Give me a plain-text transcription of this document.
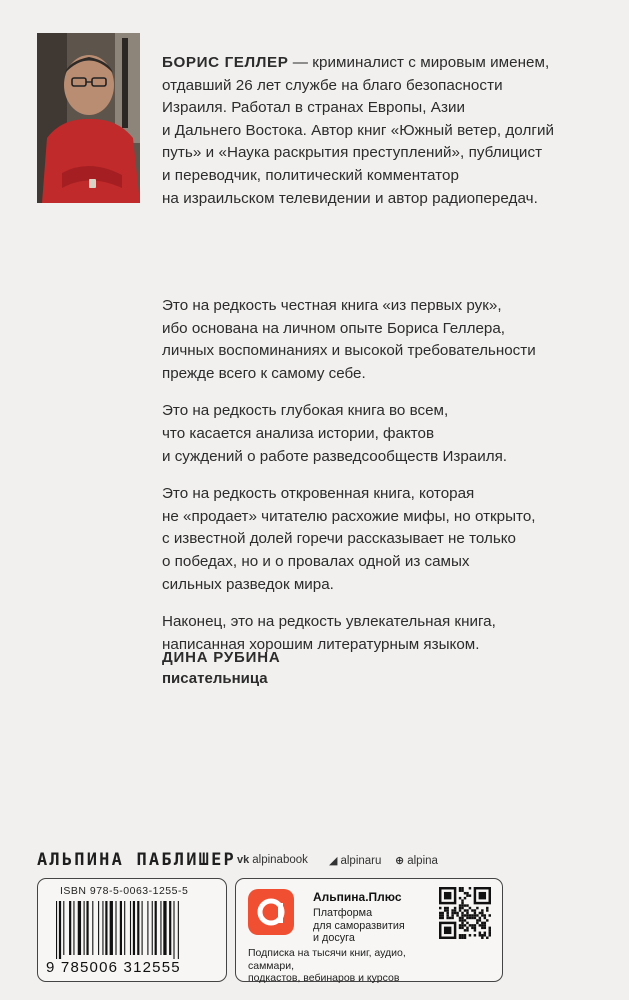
БОРИС ГЕЛЛЕР — криминалист с мировым именем,
отдавший 26 лет службе на благо безопасности
Израиля. Работал в странах Европы, Азии
и Дальнего Востока. Автор книг «Южный ветер, долгий
путь» и «Наука раскрытия преступлений», публицист
и переводчик, политический комментатор
на израильском телевидении и автор радиопередач.

Это на редкость честная книга «из первых рук»,
ибо основана на личном опыте Бориса Геллера,
личных воспоминаниях и высокой требовательности
прежде всего к самому себе.

Это на редкость глубокая книга во всем,
что касается анализа истории, фактов
и суждений о работе разведсообществ Израиля.

Это на редкость откровенная книга, которая
не «продает» читателю расхожие мифы, но открыто,
с известной долей горечи рассказывает не только
о победах, но и о провалах одной из самых
сильных разведок мира.

Наконец, это на редкость увлекательная книга,
написанная хорошим литературным языком.

ДИНА РУБИНА
писательница
АЛЬПИНА ПАБЛИШЕР vk alpinabook ◢ alpinaru ⊕ alpina
ISBN 978-5-0063-1255-5
9 785006 312555
Альпина.Плюс
Платформа
для саморазвития
и досуга
Подписка на тысячи книг, аудио, саммари,
подкастов, вебинаров и курсов
